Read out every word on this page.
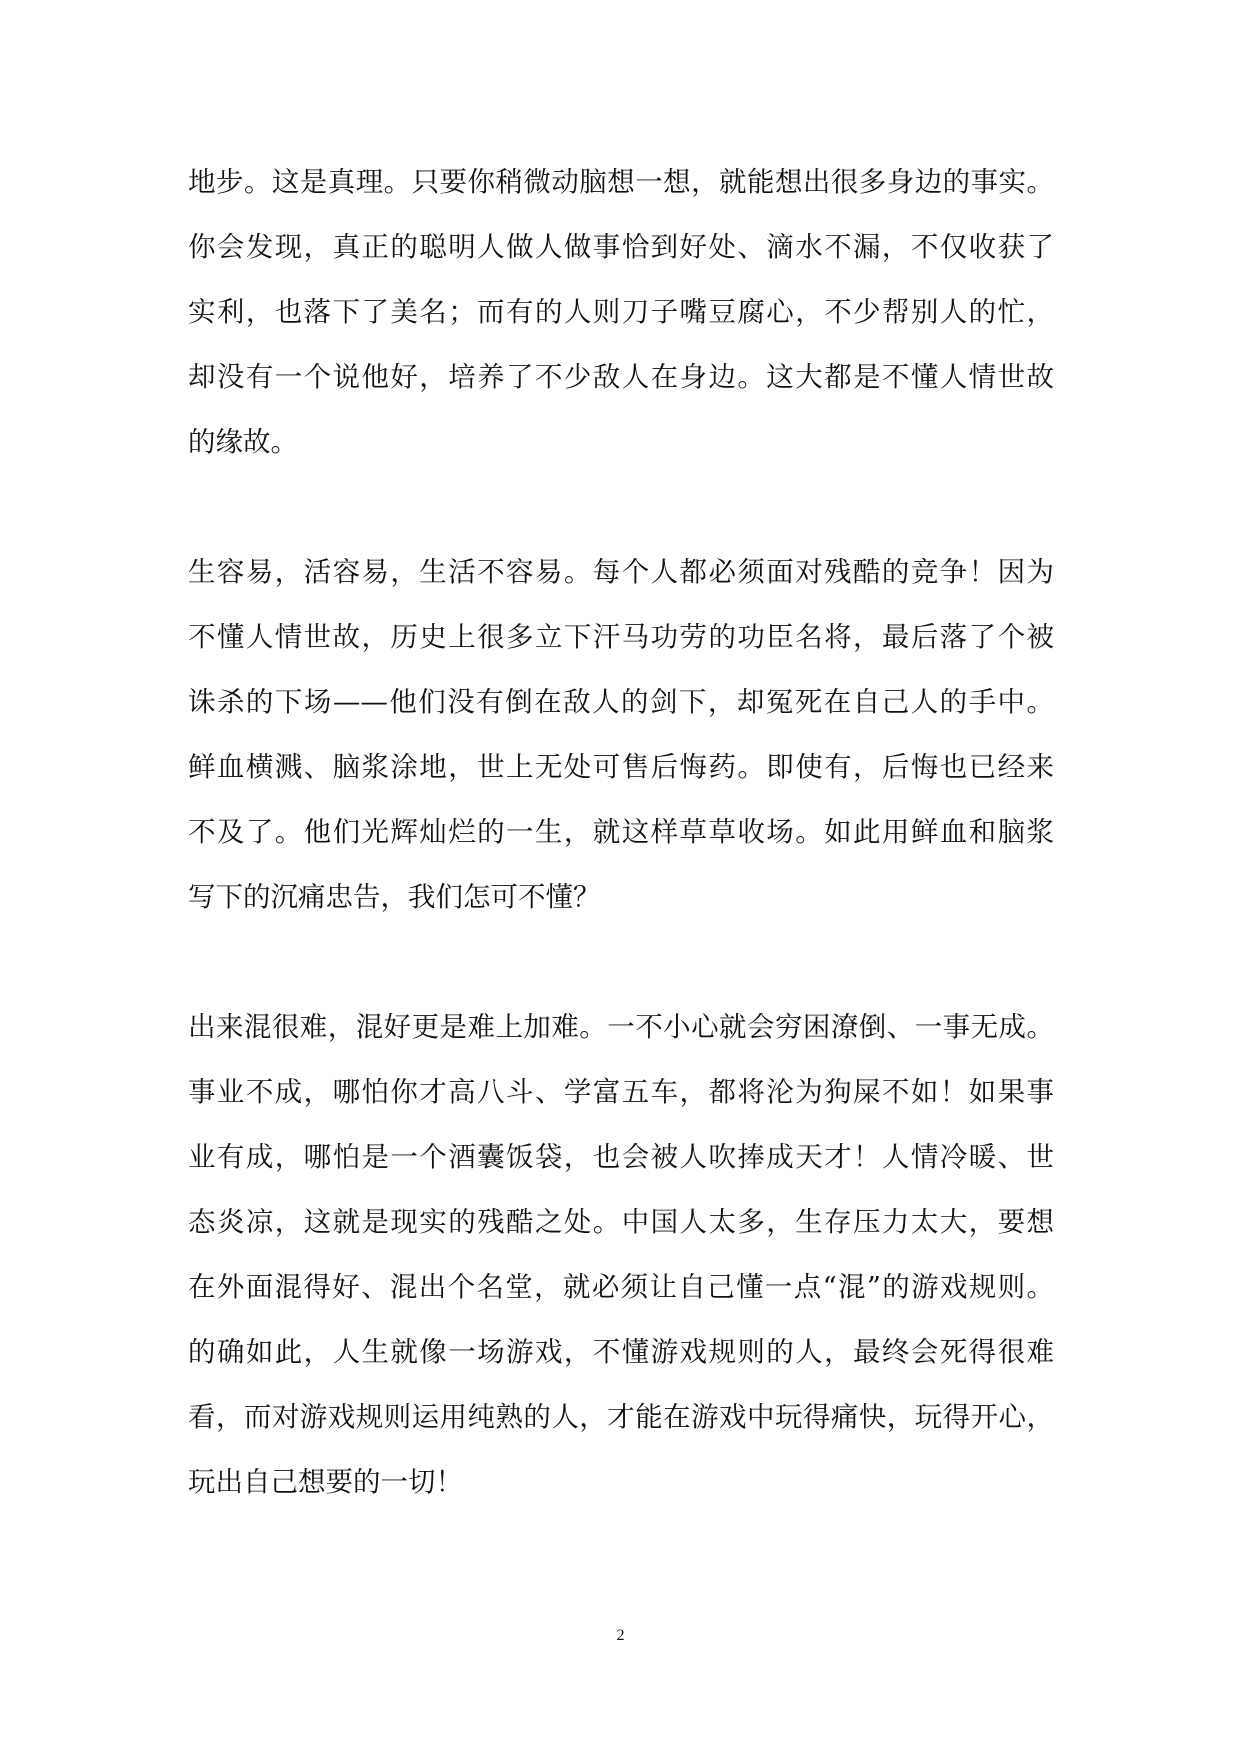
地步。这是真理。只要你稍微动脑想一想，就能想出很多身边的事实。
你会发现，真正的聪明人做人做事恰到好处、滴水不漏，不仅收获了
实利，也落下了美名；而有的人则刀子嘴豆腐心，不少帮别人的忙，
却没有一个说他好，培养了不少敌人在身边。这大都是不懂人情世故
的缘故。
生容易，活容易，生活不容易。每个人都必须面对残酷的竞争！因为
不懂人情世故，历史上很多立下汗马功劳的功臣名将，最后落了个被
诛杀的下场——他们没有倒在敌人的剑下，却冤死在自己人的手中。
鲜血横溅、脑浆涂地，世上无处可售后悔药。即使有，后悔也已经来
不及了。他们光辉灿烂的一生，就这样草草收场。如此用鲜血和脑浆
写下的沉痛忠告，我们怎可不懂？
出来混很难，混好更是难上加难。一不小心就会穷困潦倒、一事无成。
事业不成，哪怕你才高八斗、学富五车，都将沦为狗屎不如！如果事
业有成，哪怕是一个酒囊饭袋，也会被人吹捧成天才！人情冷暖、世
态炎凉，这就是现实的残酷之处。中国人太多，生存压力太大，要想
在外面混得好、混出个名堂，就必须让自己懂一点“混”的游戏规则。
的确如此，人生就像一场游戏，不懂游戏规则的人，最终会死得很难
看，而对游戏规则运用纯熟的人，才能在游戏中玩得痛快，玩得开心，
玩出自己想要的一切！
2
